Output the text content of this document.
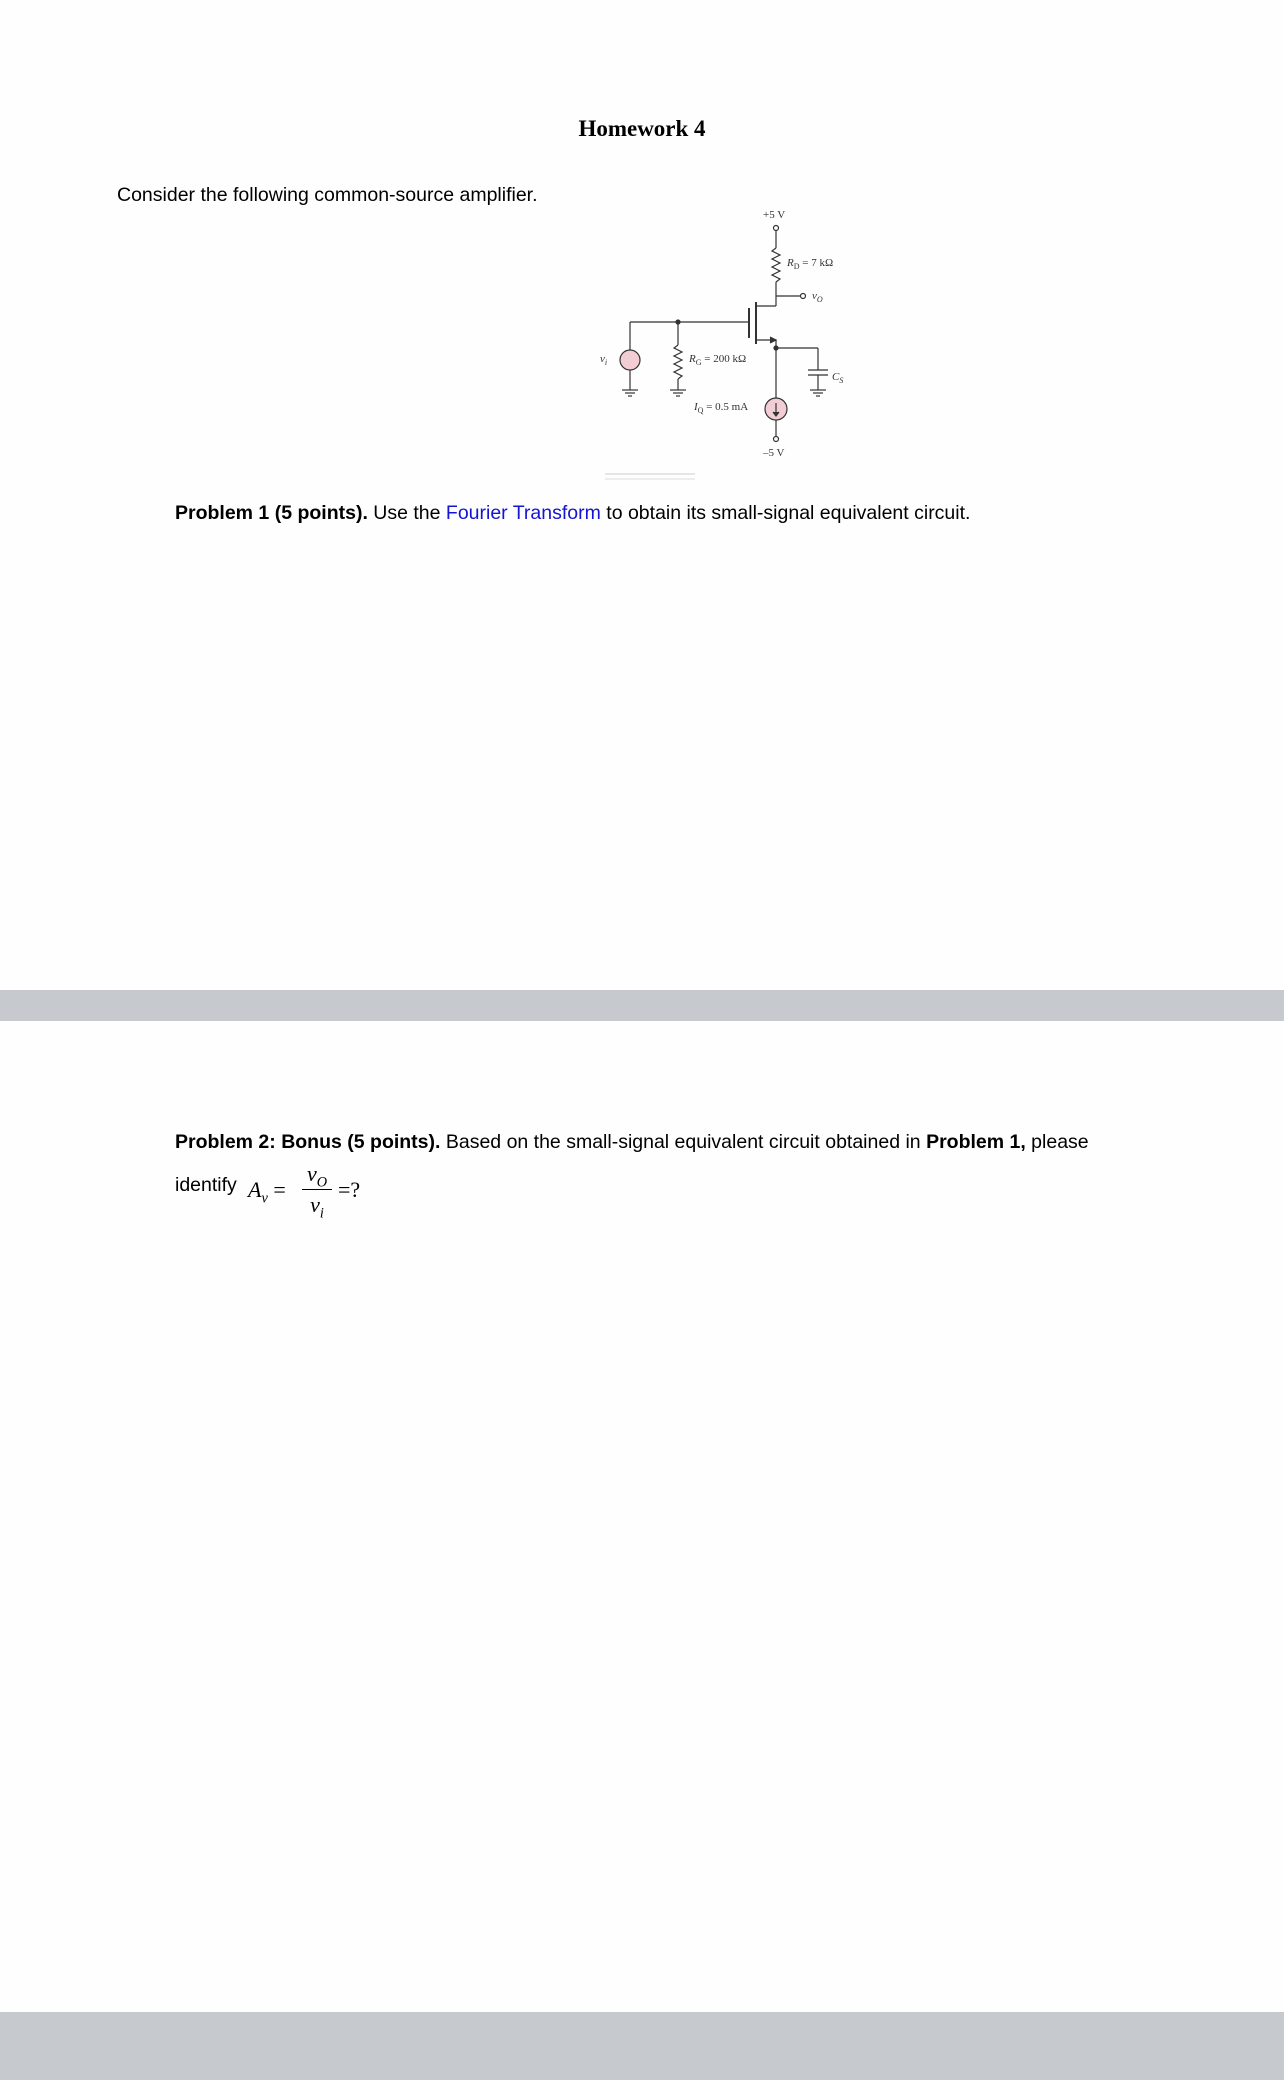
Homework 4
Consider the following common-source amplifier.
+5 V
$R_D = 7$ kΩ
$v_O$
$v_i$	$R_G = 200$ kΩ
$C_S$
$I_Q = 0.5$ mA
–5 V
Problem 1 (5 points). Use the Fourier Transform to obtain its small-signal equivalent circuit.
Problem 2: Bonus (5 points). Based on the small-signal equivalent circuit obtained in Problem 1, please
identify $A_v$ =
$v_O$
$v_i$
=?
